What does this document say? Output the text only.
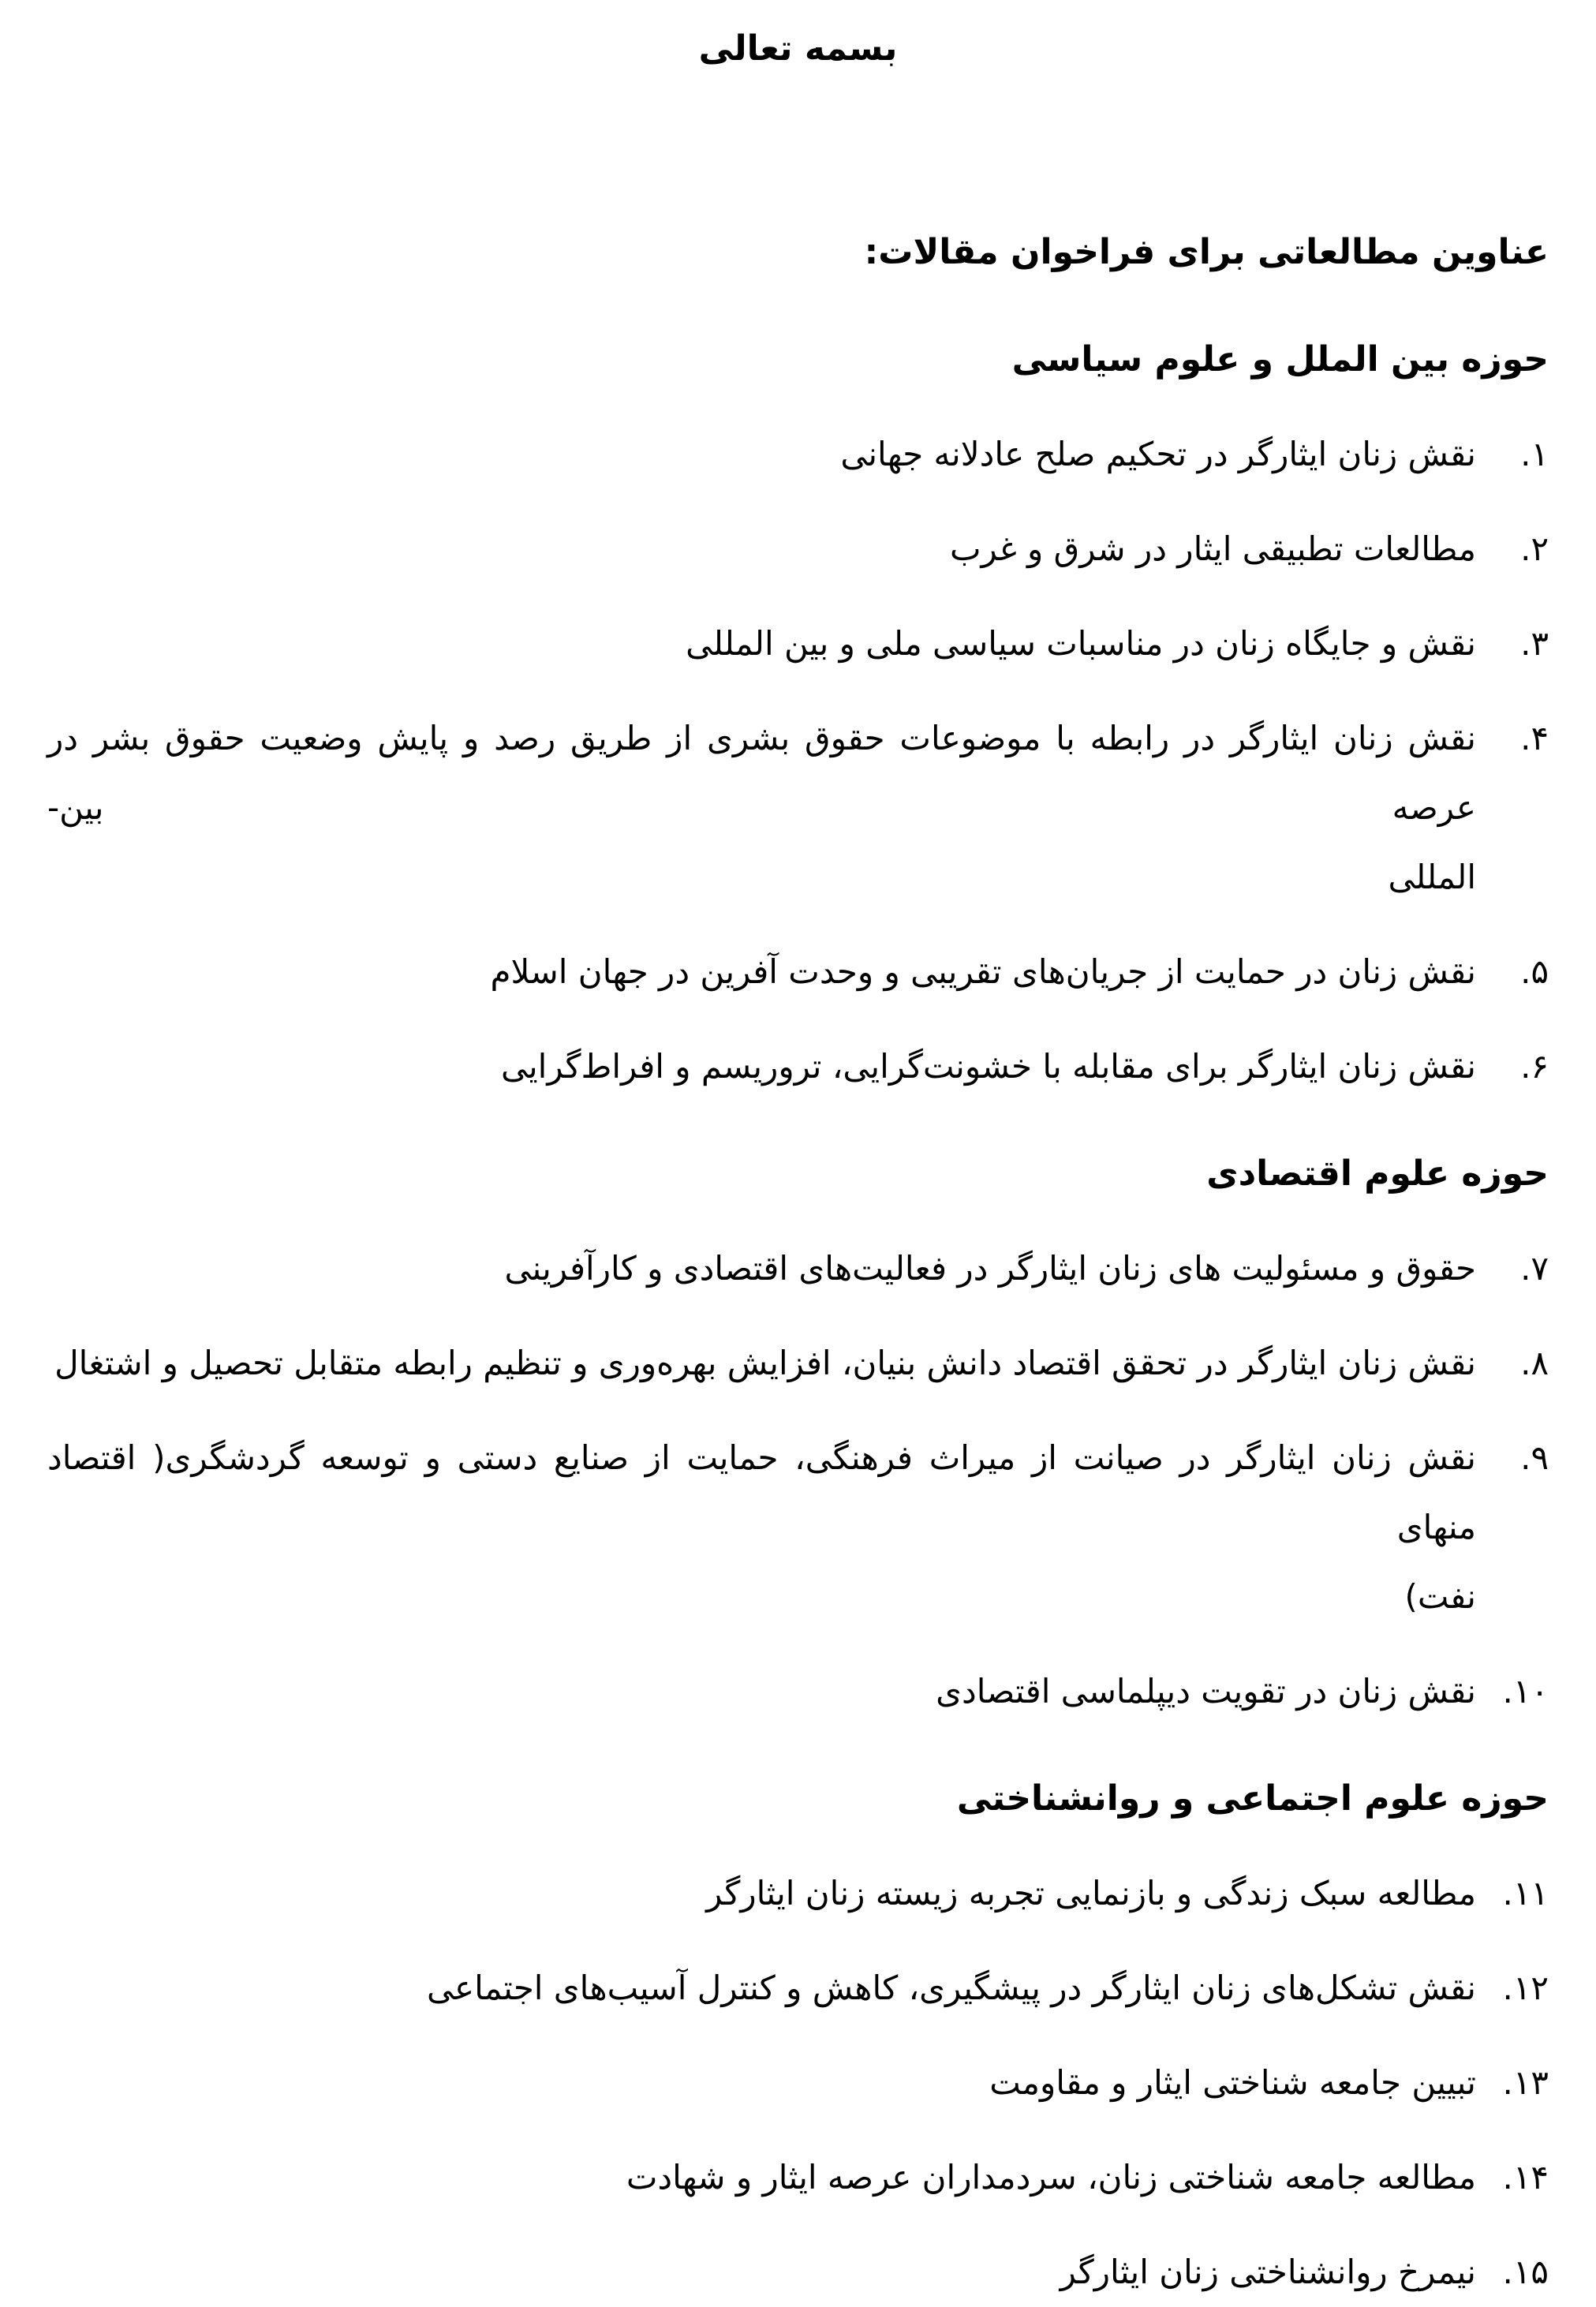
بسمه تعالی
عناوین مطالعاتی برای فراخوان مقالات:
حوزه بین الملل و علوم سیاسی
۱.
نقش زنان ایثارگر در تحکیم صلح عادلانه جهانی
۲.
مطالعات تطبیقی ایثار در شرق و غرب
۳.
نقش و جایگاه زنان در مناسبات سیاسی ملی و بین المللی
۴.
نقش زنان ایثارگر در رابطه با موضوعات حقوق بشری از طریق رصد و پایش وضعیت حقوق بشر در عرصه بین-
المللی
۵.
نقش زنان در حمایت از جریان‌های تقریبی و وحدت آفرین در جهان اسلام
۶.
نقش زنان ایثارگر برای مقابله با خشونت‌گرایی، تروریسم و افراط‌گرایی
حوزه علوم اقتصادی
۷.
حقوق و مسئولیت های زنان ایثارگر در فعالیت‌های اقتصادی و کارآفرینی
۸.
نقش زنان ایثارگر در تحقق اقتصاد دانش بنیان، افزایش بهره‌وری و تنظیم رابطه متقابل تحصیل و اشتغال
۹.
نقش زنان ایثارگر در صیانت از میراث فرهنگی، حمایت از صنایع دستی و توسعه گردشگری( اقتصاد منهای
نفت)
۱۰.
نقش زنان در تقویت دیپلماسی اقتصادی
حوزه علوم اجتماعی و روانشناختی
۱۱.
مطالعه سبک زندگی و بازنمایی تجربه زیسته زنان ایثارگر
۱۲.
نقش تشکل‌های زنان ایثارگر در پیشگیری، کاهش و کنترل آسیب‌های اجتماعی
۱۳.
تبیین جامعه شناختی ایثار و مقاومت
۱۴.
مطالعه جامعه شناختی زنان، سردمداران عرصه ایثار و شهادت
۱۵.
نیمرخ روانشناختی زنان ایثارگر
